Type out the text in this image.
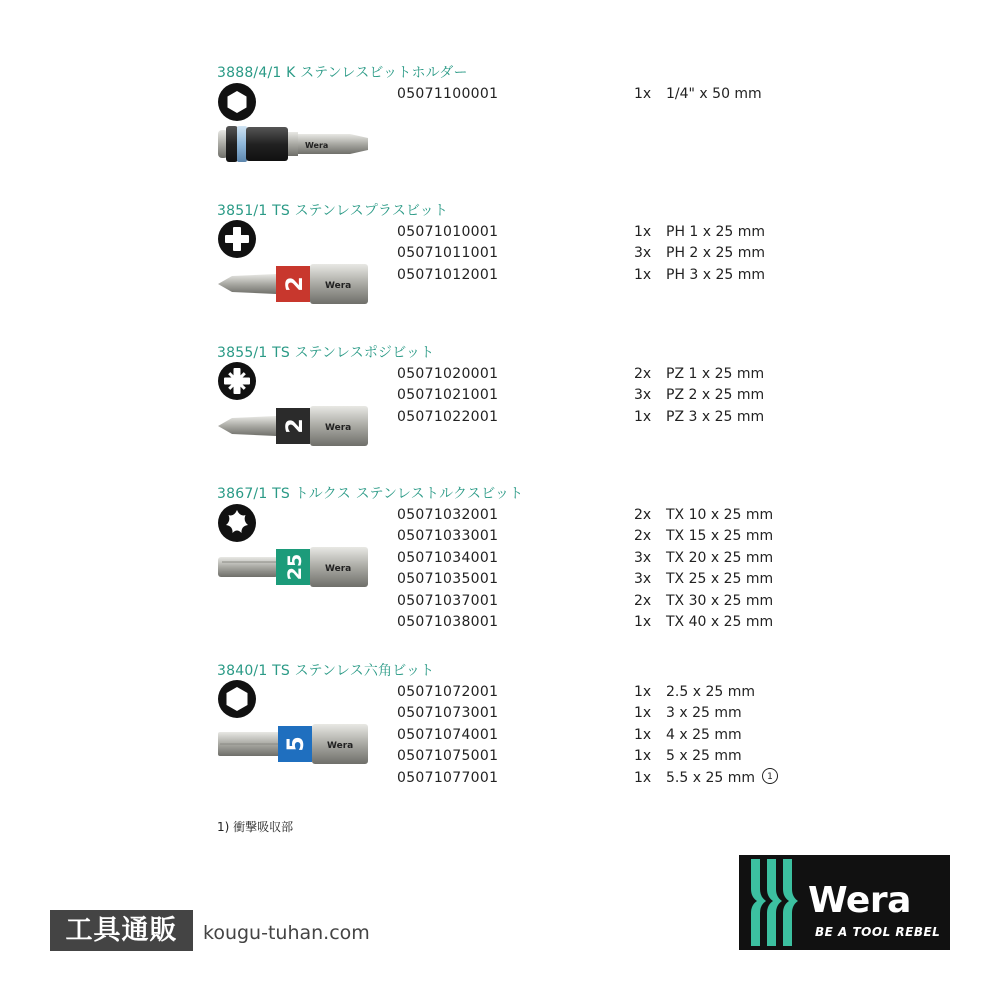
3888/4/1 K ステンレスビットホルダー
Wera
05071100001	1x 1/4" x 50 mm
3851/1 TS ステンレスプラスビット
2 Wera
05071010001	1x PH 1 x 25 mm
05071011001	3x PH 2 x 25 mm
05071012001	1x PH 3 x 25 mm
3855/1 TS ステンレスポジビット
2 Wera
05071020001	2x PZ 1 x 25 mm
05071021001	3x PZ 2 x 25 mm
05071022001	1x PZ 3 x 25 mm
3867/1 TS トルクス ステンレストルクスビット
25 Wera
05071032001	2x TX 10 x 25 mm
05071033001	2x TX 15 x 25 mm
05071034001	3x TX 20 x 25 mm
05071035001	3x TX 25 x 25 mm
05071037001	2x TX 30 x 25 mm
05071038001	1x TX 40 x 25 mm
3840/1 TS ステンレス六角ビット
5 Wera
05071072001	1x 2.5 x 25 mm
05071073001	1x 3 x 25 mm
05071074001	1x 4 x 25 mm
05071075001	1x 5 x 25 mm
05071077001	1x 5.5 x 25 mm 1
1) 衝撃吸収部
工具通販	kougu-tuhan.com
Wera
BE A TOOL REBEL
